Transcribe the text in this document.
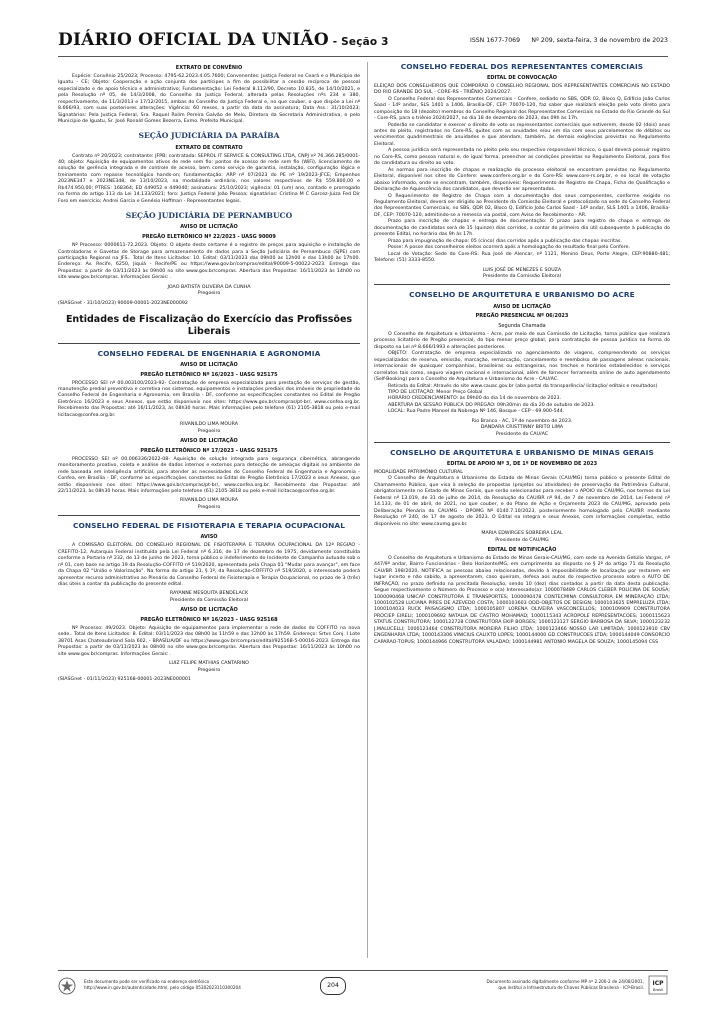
DIÁRIO OFICIAL DA UNIÃO - Seção 3	ISSN 1677-7069 Nº 209, sexta-feira, 3 de novembro de 2023
EXTRATO DE CONVÊNIO

Espécie: Convênio 25/2023; Processo: 4795-62.2023.4.05.7600; Convenentes: Justiça Federal no Ceará e o Município de Iguatu - CE; Objeto: Cooperação e ação conjunta dos partícipes a fim de possibilitar a cessão recíproca de pessoal especializado e de apoio técnico e administrativo; Fundamentação: Lei Federal 8.112/90, Decreto 10.835, de 14/10/2021, e pela Resolução nº 05, de 14/3/2008, do Conselho da Justiça Federal, alterada pelas Resoluções nºs 234 e 380, respectivamente, de 11/3/2013 e 17/12/2015, ambas do Conselho da Justiça Federal e, no que couber, o que dispõe a Lei nº 8.666/93, com suas posteriores alterações; Vigência: 60 meses, a partir da data da assinatura; Data Ass.: 31/10/2023; Signatários: Pela Justiça Federal, Sra. Raquel Rolim Pereira Galvão de Melo, Diretora da Secretaria Administrativa, e pelo Município de Iguatu, Sr. José Ronald Gomes Bezerra, Exmo. Prefeito Municipal.

SEÇÃO JUDICIÁRIA DA PARAÍBA
EXTRATO DE CONTRATO

Contrato nº 20/2023; contratante: JFPB; contratada: SEPROL IT SERVICE & CONSULTING LTDA, CNPJ nº 76.366.285/0001-40; objeto: Aquisição de equipamentos ativos de rede sem fio: pontos de acesso de rede sem fio (WiFi), licenciamento de solução de gerência integrada e de controle de acesso, bem como serviço de garantia, instalação, configuração lógica e treinamento com repasse tecnológico hands-on; fundamentação: ARP nº 07/2023 do PE nº 19/2023-JFCE; Empenhos 2023NE347 e 2023NE348, de 13/10/2023, na modalidade ordinário, nos valores respectivos de R$ 559.800,00 e R$474.950,00; PTRES: 168364; ED 449052 e 449040; assinatura: 25/10/2023; vigência: 01 (um) ano, contado e prorrogado na forma do artigo 113 da Lei 14.133/2021; foro: Justiça Federal João Pessoa; signatários: Cristina M C Garcez-Juiza Fed Dir Foro em exercício; Andrei Garcia e Genésio Hoffman - Representantes legais.

SEÇÃO JUDICIÁRIA DE PERNAMBUCO
AVISO DE LICITAÇÃO
PREGÃO ELETRÔNICO Nº 22/2023 - UASG 90009

Nº Processo: 0000611-72.2023. Objeto: O objeto deste certame é o registro de preços para aquisição e instalação de Controladoras e Gavetas de Storage para armazenamento de dados para a Seção Judiciária de Pernambuco (SJPE) com participação Regional na JFS.. Total de Itens Licitados: 10. Edital: 03/11/2023 das 09h00 às 12h00 e das 13h00 às 17h00. Endereço: Av. Recife, 6250, Jiquiá - Recife/PE ou https://www.gov.br/compras/edital/90009-5-00022-2023. Entrega das Propostas: a partir de 03/11/2023 às 09h00 no site www.gov.br/compras. Abertura das Propostas: 16/11/2023 às 14h00 no site www.gov.br/compras. Informações Gerais: .

JOAO BATISTA OLIVEIRA DA CUNHA

Pregoeiro

(SIASGnet - 31/10/2023) 90009-00001-2023NE000092

Entidades de Fiscalização do Exercício das Profissões Liberais
CONSELHO FEDERAL DE ENGENHARIA E AGRONOMIA
AVISO DE LICITAÇÃO
PREGÃO ELETRÔNICO Nº 16/2023 - UASG 925175

PROCESSO SEI nº 00.003100/2023-92- Contratação de empresa especializada para prestação de serviços de gestão, manutenção predial preventiva e corretiva nos sistemas, equipamentos e instalações prediais dos imóveis de propriedade do Conselho Federal de Engenharia e Agronomia, em Brasília - DF, conforme as especificações constantes no Edital de Pregão Eletrônico 16/2023 e seus Anexos, que estão disponíveis nos sites: https://www.gov.br/compras/pt-br/, www.confea.org.br. Recebimento das Propostas: até 16/11/2023, às 08h30 horas. Mais informações pelo telefone (61) 2105-3818 ou pelo e-mail licitacao@confea.org.br.

RIVANILDO LIMA MOURA

Pregoeiro

AVISO DE LICITAÇÃO
PREGÃO ELETRÔNICO Nº 17/2023 - UASG 925175

PROCESSO SEI nº 00.006336/2022-08- Aquisição de solução integrada para segurança cibernética, abrangendo monitoramento proativo, coleta e análise de dados internos e externos para detecção de ameaças digitais no ambiente de rede baseada em inteligência artificial, para atender as necessidades do Conselho Federal de Engenharia e Agronomia - Confea, em Brasília - DF, conforme as especificações constantes no Edital de Pregão Eletrônico 17/2023 e seus Anexos, que estão disponíveis nos sites: https://www.gov.br/compras/pt-br/, www.confea.org.br. Recebimento das Propostas: até 22/11/2023, às 08h30 horas. Mais informações pelo telefone (61) 2105-3818 ou pelo e-mail licitacao@confea.org.br.

RIVANILDO LIMA MOURA

Pregoeiro

CONSELHO FEDERAL DE FISIOTERAPIA E TERAPIA OCUPACIONAL
AVISO

A COMISSÃO ELEITORAL DO CONSELHO REGIONAL DE FISIOTERAPIA E TERAPIA OCUPACIONAL DA 12ª REGIÃO - CREFITO-12, Autarquia Federal instituída pela Lei Federal nº 6.316, de 17 de dezembro de 1975, devidamente constituída conforme a Portaria nº 232, de 13 de junho de 2023, torna público o indeferimento do Incidente de Campanha autuado sob o nº 01, com base no artigo 19 da Resolução-COFFITO nº 519/2020, apresentado pela Chapa 01 "Mudar para avançar", em face da Chapa 02 "União e Valorização". Na forma do artigo 21, § 1º, da Resolução-COFFITO nº 519/2020, o interessado poderá apresentar recurso administrativo ao Plenário do Conselho Federal de Fisioterapia e Terapia Ocupacional, no prazo de 3 (três) dias úteis a contar da publicação do presente edital.

RAYANNE MESQUITA BENDELACK

Presidente da Comissão Eleitoral

AVISO DE LICITAÇÃO
PREGÃO ELETRÔNICO Nº 16/2023 - UASG 925168

Nº Processo: 49/2023. Objeto: Aquisição de equipamentos para implementar a rede de dados do COFFITO na nova sede.. Total de Itens Licitados: 8. Edital: 03/11/2023 das 08h00 às 11h59 e das 12h00 às 17h59. Endereço: Srtvs Conj. I Lote 38701 Asas Chateaubriand Sala 602, - BRASÍLIA/DF ou https://www.gov.br/compras/edital/925168-5-00016-2023. Entrega das Propostas: a partir de 03/11/2023 às 08h00 no site www.gov.br/compras. Abertura das Propostas: 16/11/2023 às 10h00 no site www.gov.br/compras. Informações Gerais: .

LUIZ FELIPE MATHIAS CANTARINO

Pregoeiro

(SIASGnet - 01/11/2023) 925168-00001-2023NE000001

CONSELHO FEDERAL DOS REPRESENTANTES COMERCIAIS
EDITAL DE CONVOCAÇÃO

ELEIÇÃO DOS CONSELHEIROS QUE COMPORÃO O CONSELHO REGIONAL DOS REPRESENTANTES COMERCIAIS NO ESTADO DO RIO GRANDE DO SUL - CORE-RS - TRIÊNIO 2024/2027.

O Conselho Federal dos Representantes Comerciais - Confere, sediado no SBS, QDR 02, Bloco Q, Edifício João Carlos Saad - 14º andar, SLS 1401 a 1406, Brasília-DF, CEP: 70070-120, faz saber que realizará eleição pelo voto direto para composição do 18 (dezoito) membros do Conselho Regional dos Representantes Comerciais no Estado do Rio Grande do Sul - Core-RS, para o triênio 2024/2027, no dia 18 de dezembro de 2023, das 09h às 17h.

Poderão se candidatar e exercer o direito de voto os representantes comerciais que estiverem, desde 02 (dois) anos antes do pleito, registrados no Core-RS, quites com as anuidades e/ou em dia com seus parcelamentos de débitos ou vencimentos quadrimestrais de anuidades e que atendam, também, às demais exigências previstas no Regulamento Eleitoral.

A pessoa jurídica será representada no pleito pelo seu respectivo responsável técnico, o qual deverá possuir registro no Core-RS, como pessoa natural e, de igual forma, preencher as condições previstas no Regulamento Eleitoral, para fins de candidatura ou direito ao voto.

As normas para inscrição de chapas e realização do processo eleitoral se encontram previstas no Regulamento Eleitoral, disponível nos sites do Confere: www.confere.org.br e do Core-RS: www.core-rs.org.br, e no local de votação abaixo informado, onde se encontram, também, disponíveis: Requerimento de Registro de Chapa, Ficha de Qualificação e Declaração de Aquiescência dos candidatos, que deverão ser apresentados.

O Requerimento de Registro de Chapa com a documentação dos seus componentes, conforme exigido no Regulamento Eleitoral, deverá ser dirigido ao Presidente da Comissão Eleitoral e protocolizado na sede do Conselho Federal dos Representantes Comerciais, no SBS, QDR 02, Bloco Q, Edifício João Carlos Saad - 14º andar, SLS 1401 a 1406, Brasília-DF, CEP: 70070-120, admitindo-se a remessa via postal, com Aviso de Recebimento - AR.

Prazo para inscrição de chapas e entrega de documentação: O prazo para registro de chapa e entrega de documentação de candidatos será de 15 (quinze) dias corridos, a contar do primeiro dia útil subsequente à publicação do presente Edital, no horário das 9h às 17h.

Prazo para impugnação de chapa: 05 (cinco) dias corridos após a publicação das chapas inscritas.

Posse: A posse dos conselheiros eleitos ocorrerá após a homologação do resultado final pelo Confere.

Local de Votação: Sede do Core-RS: Rua José de Alencar, nº 1121, Menino Deus, Porto Alegre, CEP:90880-481; Telefone: (51) 3333-8550.

LUIS JOSÉ DE MENEZES E SOUZA

Presidente da Comissão Eleitoral

CONSELHO DE ARQUITETURA E URBANISMO DO ACRE
AVISO DE LICITAÇÃO
PREGÃO PRESENCIAL Nº 06/2023
Segunda Chamada

O Conselho de Arquitetura e Urbanismo - Acre, por meio de sua Comissão de Licitação, torna público que realizará processo licitatório de Pregão presencial, do tipo menor preço global, para contratação de pessoa jurídica na forma do disposto na Lei nº 8.666/1993 e alterações posteriores.

OBJETO: Contratação de empresa especializada no agenciamento de viagens, compreendendo os serviços especializados de reserva, emissão, marcação, remarcação, cancelamento e reembolso de passagens aéreas nacionais, internacionais de quaisquer companhias, brasileiras ou estrangeiras, nos trechos e horários estabelecidos e serviços correlatos tais como, seguro viagem nacional e internacional, além de fornecer ferramenta online de auto agendamento (Self-Booking) para o Conselho de Arquitetura e Urbanismo do Acre - CAU/AC.

Retirada do Edital: Através do site www.cauac.gov.br (aba portal da transparência/ licitação/ editais e resultados)

TIPO DE LICITAÇÃO: Menor Preço Global

HORÁRIO CREDENCIAMENTO: às 09h00 do dia 14 de novembro de 2023.

ABERTURA DA SESSÃO PÚBLICA DO PREGÃO: 09h30min do dia 20 de outubro de 2023.

LOCAL: Rua Padre Manoel da Nobrega Nº 146, Bosque - CEP - 69.900-544.

Rio Branco - AC, 1º de novembro de 2023.

DANDARA CRISTTINNY BRITO LIMA

Presidente do CAU/AC

CONSELHO DE ARQUITETURA E URBANISMO DE MINAS GERAIS
EDITAL DE APOIO Nº 3, DE 1º DE NOVEMBRO DE 2023

MODALIDADE PATRIMÔNIO CULTURAL

O Conselho de Arquitetura e Urbanismo do Estado de Minas Gerais (CAU/MG) torna público o presente Edital de Chamamento Público, que visa à seleção de propostas (projetos ou atividades) de preservação do Patrimônio Cultural, obrigatoriamente no Estado de Minas Gerais, que serão selecionadas para receber o APOIO do CAU/MG, nos termos da Lei Federal nº 13.019, de 31 de julho de 2014, da Resolução do CAU/BR nº 94, de 7 de novembro de 2014, Lei Federal nº 14.133, de 01 de abril, de 2021, no que couber, e do Plano de Ação e Orçamento 2023 do CAU/MG, aprovado pela Deliberação Plenária do CAU/MG - DPOMG Nº 0140.7.10/2023, posteriormente homologado pelo CAU/BR mediante Resolução nº 240, de 17 de agosto de 2023. O Edital na íntegra e seus Anexos, com informações completas, estão disponíveis no site: www.caumg.gov.br.

MARIA EDWIRGES SOBREIRA LEAL

Presidente do CAU/MG

EDITAL DE NOTIFICAÇÃO

O Conselho de Arquitetura e Urbanismo do Estado de Minas Gerais-CAU/MG, com sede na Avenida Getúlio Vargas, nº 447/9º andar, Bairro Funcionários - Belo Horizonte/MG, em cumprimento ao disposto no § 2º do artigo 71 da Resolução CAU/BR 198/2020, NOTIFICA as pessoas abaixo relacionadas, devido à impossibilidade de localização por restarem em lugar incerto e não sabido, a apresentarem, caso queiram, defesa aos autos do respectivo processo sobre o AUTO DE INFRAÇÃO, no prazo definido na precitada Resolução, sendo 10 (dez) dias contados a partir da data desta publicação. Segue respectivamente o Número do Processo e o(a) Interessado(a): 1000078489 CARLOS CLEBER POLICINA DE SOUSA; 1000090468 UNICAP CONSTRUTORA E TRANSPORTES; 1000090478 CONTECMINA CONSULTORIA EM MINERAÇÃO LTDA; 1000102528 LUCIANA PIRES DE AZEVEDO COSTA; 1000103603 ODD-OBJETOS DE DESIGN; 1000103625 EMPRELUZA LTDA; 1000104033 RUCK PAISAGISMO LTDA; 1000105807 LORENA OLIVEIRA VASCONCELLOS; 1000109909 CONSTRUTORA PROCIEP EIRELI; 1000109692 NATALIA DE CASTRO MOHAMAD; 1000115343 ACROPOLE REPRESENTACOES; 1000115623 STATUS CONSTRUTORA; 1000122728 CONSTRUTORA EKIP BORGES; 1000123127 SERGIO BARBOSA DA SILVA; 1000123232 J.MALUCELLI; 1000123464 CONSTRUTORA MOREIRA FILHO LTDA; 1000123466 NOSSO LAR LIMITADA; 1000123910 CBV ENGENHARIA LTDA; 1000143306 VINICIUS CALIXTO LOPES; 1000144000 GD CONSTRUCOES LTDA; 1000144049 CONSORCIO CAPARAO-TOPUS; 1000144966 CONSTRUTORA VALADAO; 1000144981 ANTONIO MAGELA DE SOUZA; 1000145094 CSS

Este documento pode ser verificado no endereço eletrônico
http://www.in.gov.br/autenticidade.html, pelo código 05302023110300204	204
Documento assinado digitalmente conforme MP nº 2.200-2 de 24/08/2001,
que institui a Infraestrutura de Chaves Públicas Brasileira - ICP-Brasil.
ICP
Brasil
